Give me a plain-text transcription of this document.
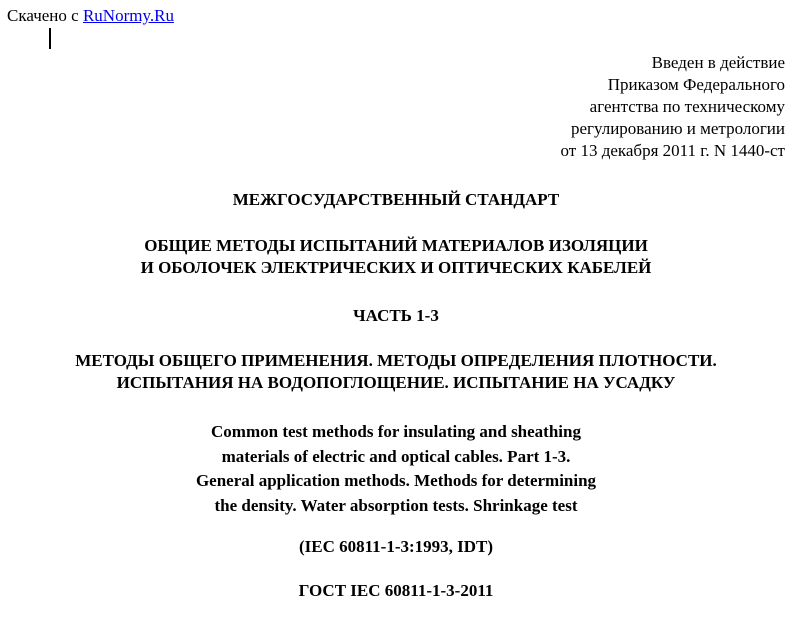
Скачено с RuNormy.Ru
Введен в действие
Приказом Федерального
агентства по техническому
регулированию и метрологии
от 13 декабря 2011 г. N 1440-ст
МЕЖГОСУДАРСТВЕННЫЙ СТАНДАРТ
ОБЩИЕ МЕТОДЫ ИСПЫТАНИЙ МАТЕРИАЛОВ ИЗОЛЯЦИИ
И ОБОЛОЧЕК ЭЛЕКТРИЧЕСКИХ И ОПТИЧЕСКИХ КАБЕЛЕЙ
ЧАСТЬ 1-3
МЕТОДЫ ОБЩЕГО ПРИМЕНЕНИЯ. МЕТОДЫ ОПРЕДЕЛЕНИЯ ПЛОТНОСТИ.
ИСПЫТАНИЯ НА ВОДОПОГЛОЩЕНИЕ. ИСПЫТАНИЕ НА УСАДКУ
Common test methods for insulating and sheathing
materials of electric and optical cables. Part 1-3.
General application methods. Methods for determining
the density. Water absorption tests. Shrinkage test
(IEC 60811-1-3:1993, IDT)
ГОСТ IEC 60811-1-3-2011
